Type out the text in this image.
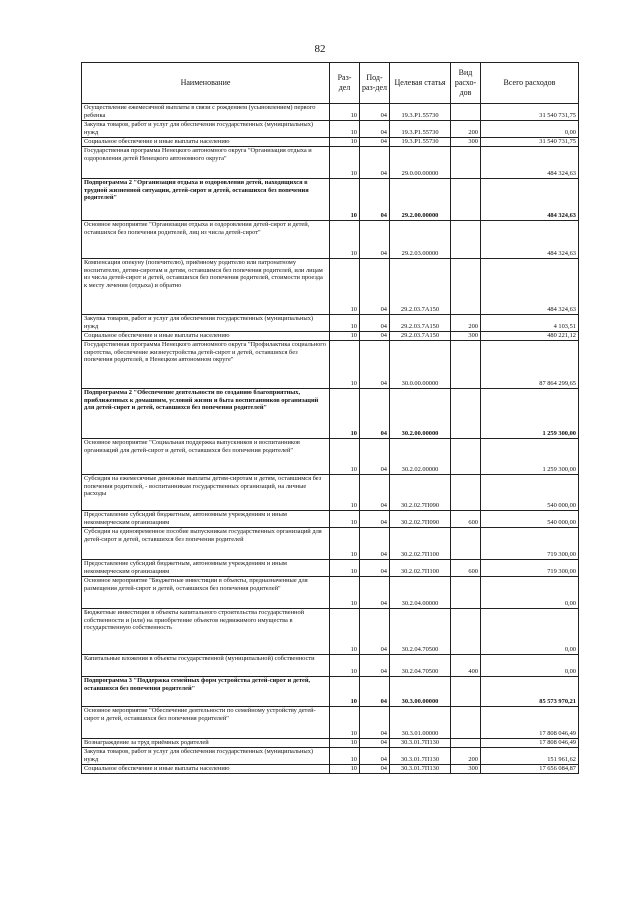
82
Наименование	Раз-дел	Под-раз-дел	Целевая статья	Вид расхо-дов	Всего расходов
Осуществление ежемесячной выплаты в связи с рождением (усыновлением) первого ребенка	10	04	19.3.P1.55730		31 540 731,75
Закупка товаров, работ и услуг для обеспечения государственных (муниципальных) нужд	10	04	19.3.P1.55730	200	0,00
Социальное обеспечение и иные выплаты населению	10	04	19.3.P1.55730	300	31 540 731,75
Государственная программа Ненецкого автономного округа "Организация отдыха и оздоровления детей Ненецкого автономного округа"	10	04	29.0.00.00000		484 324,63
Подпрограмма 2 "Организация отдыха и оздоровления детей, находящихся в трудной жизненной ситуации, детей-сирот и детей, оставшихся без попечения родителей"	10	04	29.2.00.00000		484 324,63
Основное мероприятие "Организация отдыха и оздоровления детей-сирот и детей, оставшихся без попечения родителей, лиц из числа детей-сирот"	10	04	29.2.03.00000		484 324,63
Компенсация опекуну (попечителю), приёмному родителю или патронатному воспитателю, детям-сиротам и детям, оставшимся без попечения родителей, или лицам из числа детей-сирот и детей, оставшихся без попечения родителей, стоимости проезда к месту лечения (отдыха) и обратно	10	04	29.2.03.7А150		484 324,63
Закупка товаров, работ и услуг для обеспечения государственных (муниципальных) нужд	10	04	29.2.03.7А150	200	4 103,51
Социальное обеспечение и иные выплаты населению	10	04	29.2.03.7А150	300	480 221,12
Государственная программа Ненецкого автономного округа "Профилактика социального сиротства, обеспечение жизнеустройства детей-сирот и детей, оставшихся без попечения родителей, в Ненецком автономном округе"	10	04	30.0.00.00000		87 864 299,65
Подпрограмма 2 "Обеспечение деятельности по созданию благоприятных, приближенных к домашним, условий жизни и быта воспитанников организаций для детей-сирот и детей, оставшихся без попечения родителей"	10	04	30.2.00.00000		1 259 300,00
Основное мероприятие "Социальная поддержка выпускников и воспитанников организаций для детей-сирот и детей, оставшихся без попечения родителей"	10	04	30.2.02.00000		1 259 300,00
Субсидия на ежемесячные денежные выплаты детям-сиротам и детям, оставшимся без попечения родителей, - воспитанникам государственных организаций, на личные расходы	10	04	30.2.02.7П090		540 000,00
Предоставление субсидий бюджетным, автономным учреждениям и иным некоммерческим организациям	10	04	30.2.02.7П090	600	540 000,00
Субсидия на единовременное пособие выпускникам государственных организаций для детей-сирот и детей, оставшихся без попечения родителей	10	04	30.2.02.7П100		719 300,00
Предоставление субсидий бюджетным, автономным учреждениям и иным некоммерческим организациям	10	04	30.2.02.7П100	600	719 300,00
Основное мероприятие "Бюджетные инвестиции в объекты, предназначенные для размещения детей-сирот и детей, оставшихся без попечения родителей"	10	04	30.2.04.00000		0,00
Бюджетные инвестиции в объекты капитального строительства государственной собственности и (или) на приобретение объектов недвижимого имущества в государственную собственность	10	04	30.2.04.70500		0,00
Капитальные вложения в объекты государственной (муниципальной) собственности	10	04	30.2.04.70500	400	0,00
Подпрограмма 3 "Поддержка семейных форм устройства детей-сирот и детей, оставшихся без попечения родителей"	10	04	30.3.00.00000		85 573 970,21
Основное мероприятие "Обеспечение деятельности по семейному устройству детей-сирот и детей, оставшихся без попечения родителей"	10	04	30.3.01.00000		17 808 046,49
Вознаграждение за труд приёмных родителей	10	04	30.3.01.7П130		17 808 046,49
Закупка товаров, работ и услуг для обеспечения государственных (муниципальных) нужд	10	04	30.3.01.7П130	200	151 961,62
Социальное обеспечение и иные выплаты населению	10	04	30.3.01.7П130	300	17 656 084,87
